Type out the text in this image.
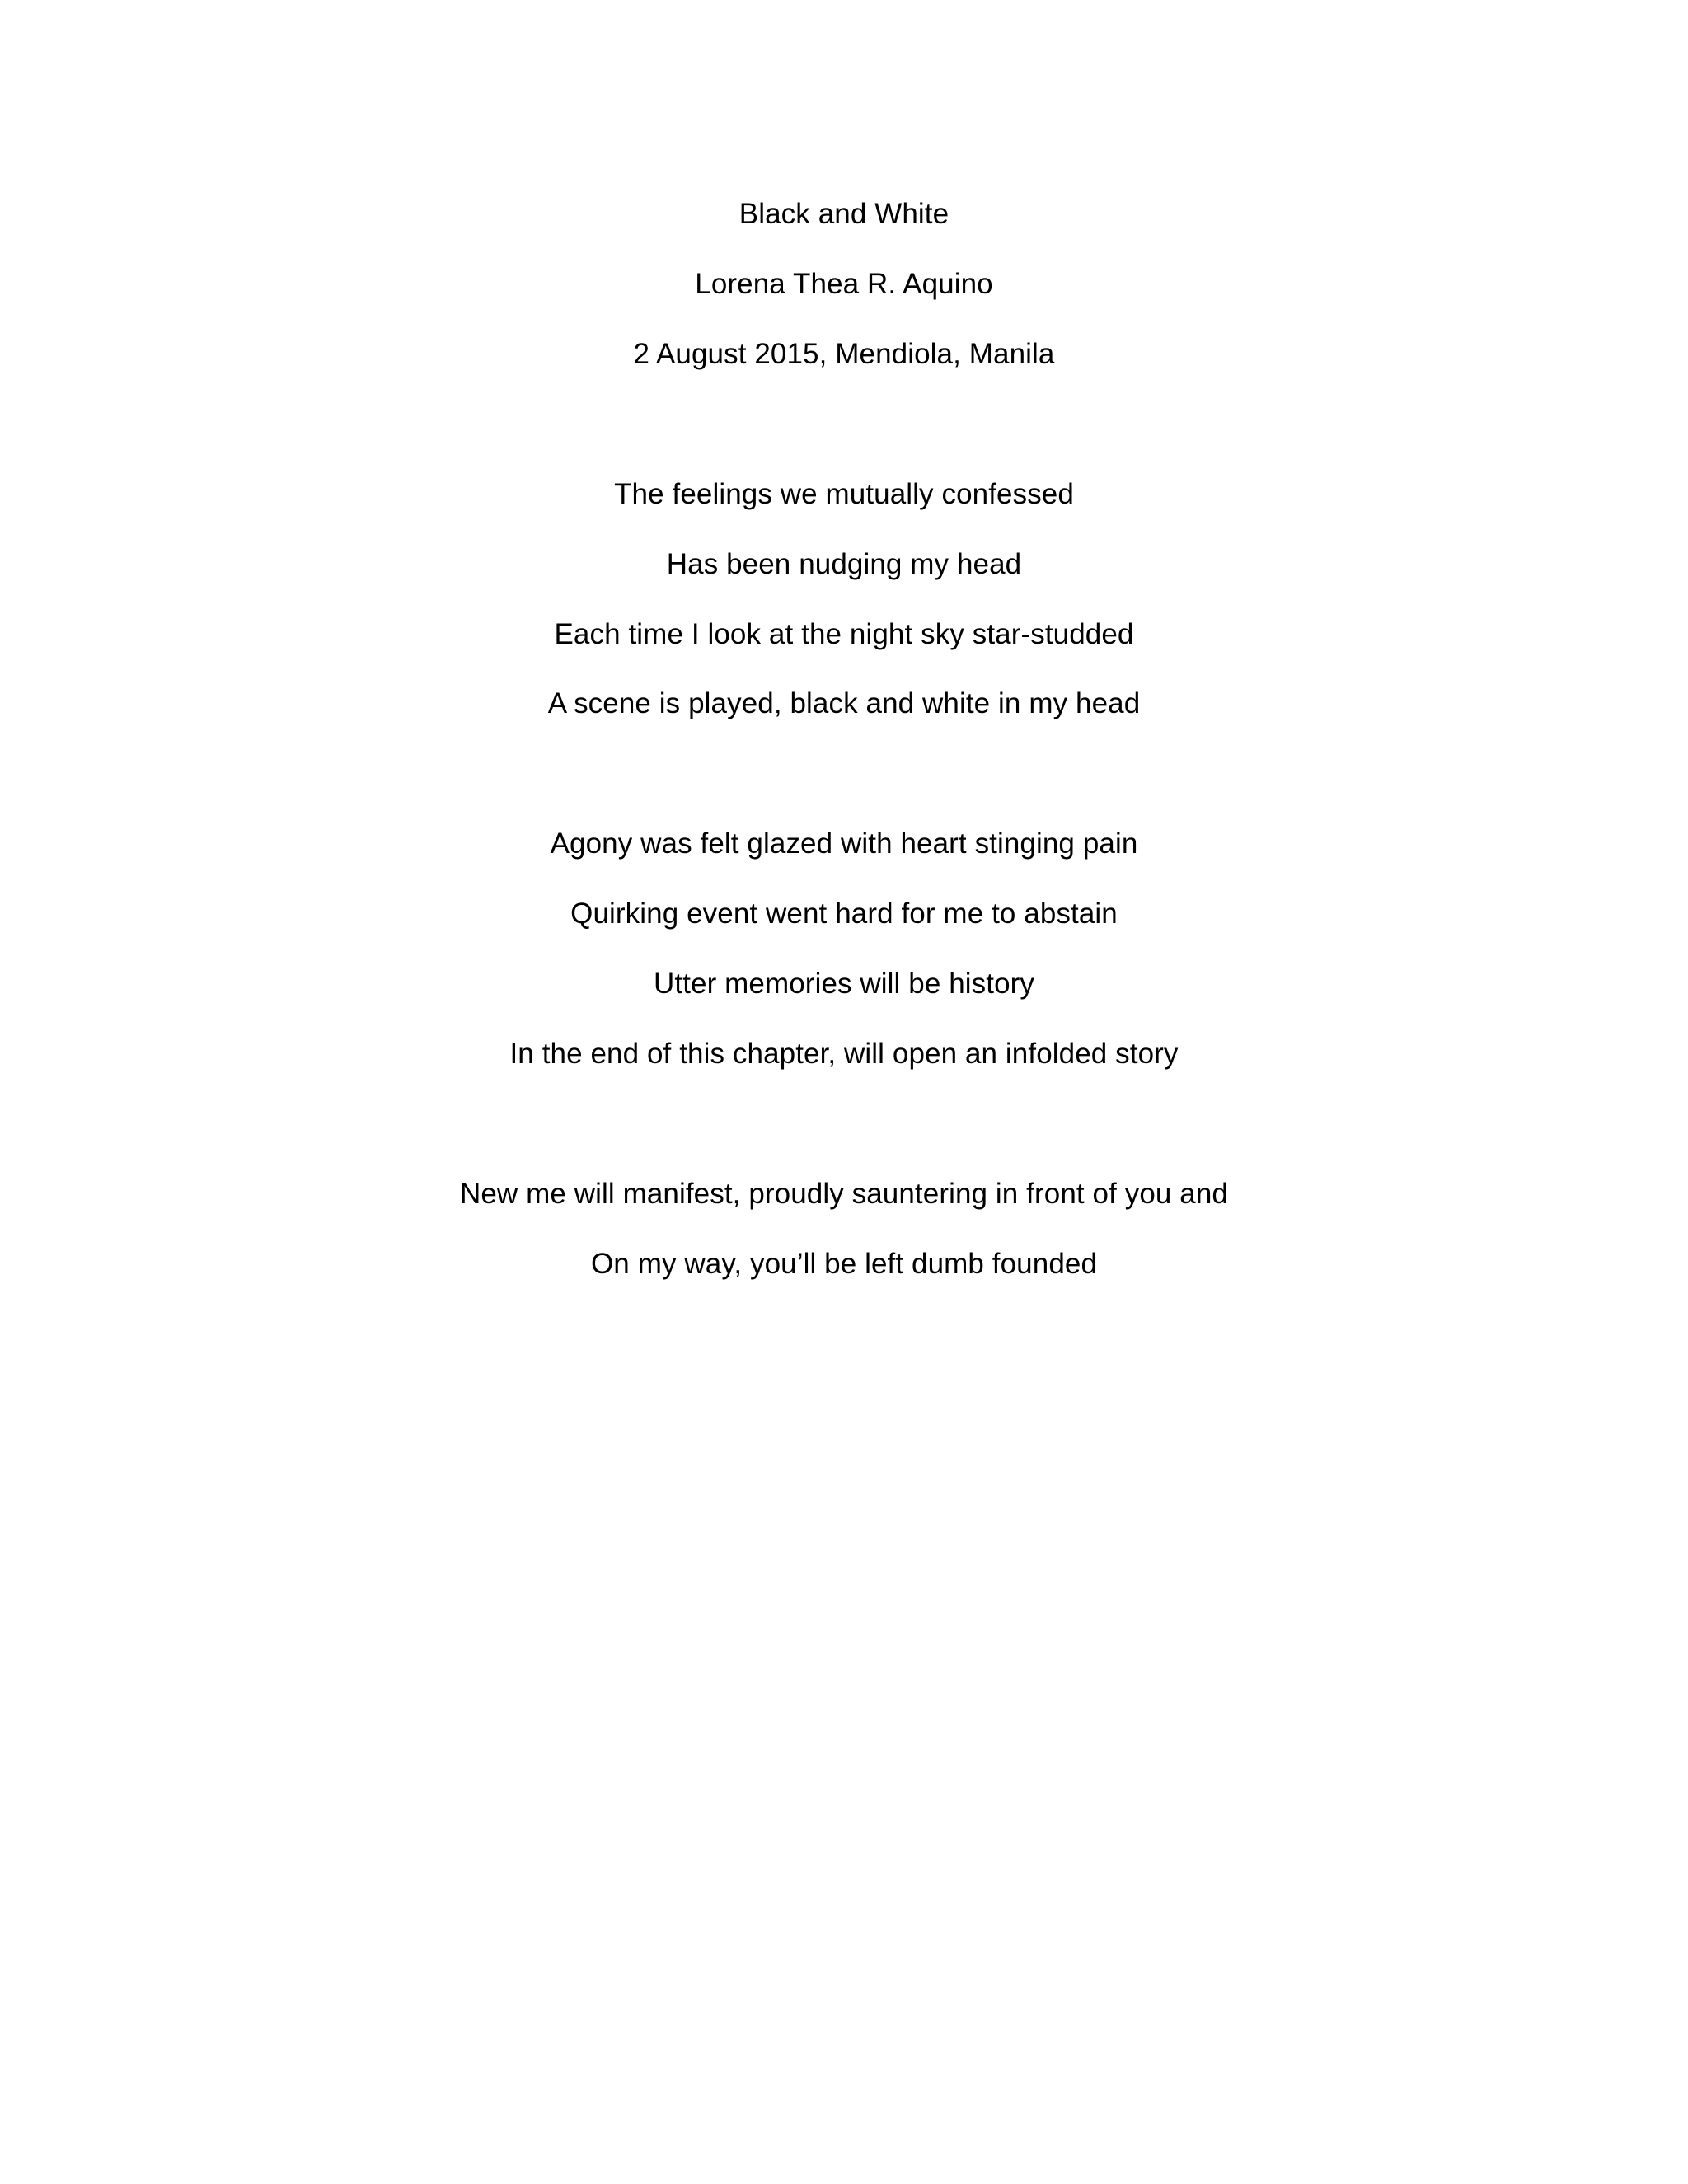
Black and White
Lorena Thea R. Aquino
2 August 2015, Mendiola, Manila
The feelings we mutually confessed
Has been nudging my head
Each time I look at the night sky star-studded
A scene is played, black and white in my head
Agony was felt glazed with heart stinging pain
Quirking event went hard for me to abstain
Utter memories will be history
In the end of this chapter, will open an infolded story
New me will manifest, proudly sauntering in front of you and
On my way, you’ll be left dumb founded
